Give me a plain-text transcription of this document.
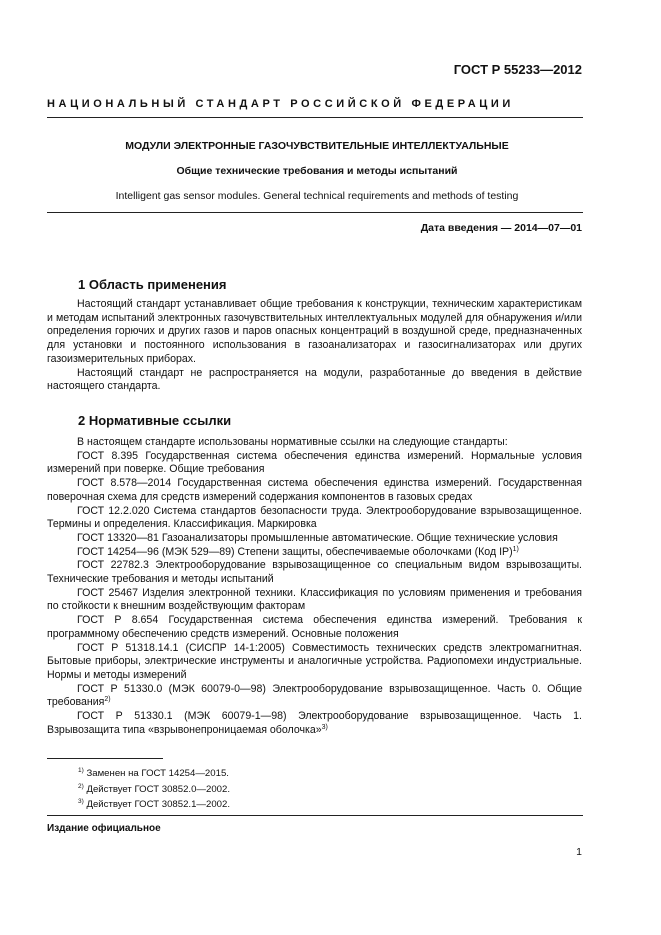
ГОСТ Р 55233—2012
НАЦИОНАЛЬНЫЙ СТАНДАРТ РОССИЙСКОЙ ФЕДЕРАЦИИ
МОДУЛИ ЭЛЕКТРОННЫЕ ГАЗОЧУВСТВИТЕЛЬНЫЕ ИНТЕЛЛЕКТУАЛЬНЫЕ
Общие технические требования и методы испытаний
Intelligent gas sensor modules. General technical requirements and methods of testing
Дата введения — 2014—07—01
1 Область применения

Настоящий стандарт устанавливает общие требования к конструкции, техническим характеристикам и методам испытаний электронных газочувствительных интеллектуальных модулей для обнаружения и/или определения горючих и других газов и паров опасных концентраций в воздушной среде, предназначенных для установки и постоянного использования в газоанализаторах и газосигнализаторах или других газоизмерительных приборах.

Настоящий стандарт не распространяется на модули, разработанные до введения в действие настоящего стандарта.

2 Нормативные ссылки

В настоящем стандарте использованы нормативные ссылки на следующие стандарты:

ГОСТ 8.395 Государственная система обеспечения единства измерений. Нормальные условия измерений при поверке. Общие требования

ГОСТ 8.578—2014 Государственная система обеспечения единства измерений. Государственная поверочная схема для средств измерений содержания компонентов в газовых средах

ГОСТ 12.2.020 Система стандартов безопасности труда. Электрооборудование взрывозащищенное. Термины и определения. Классификация. Маркировка

ГОСТ 13320—81 Газоанализаторы промышленные автоматические. Общие технические условия

ГОСТ 14254—96 (МЭК 529—89) Степени защиты, обеспечиваемые оболочками (Код IP)$^{1)}$

ГОСТ 22782.3 Электрооборудование взрывозащищенное со специальным видом взрывозащиты. Технические требования и методы испытаний

ГОСТ 25467 Изделия электронной техники. Классификация по условиям применения и требования по стойкости к внешним воздействующим факторам

ГОСТ Р 8.654 Государственная система обеспечения единства измерений. Требования к программному обеспечению средств измерений. Основные положения

ГОСТ Р 51318.14.1 (СИСПР 14-1:2005) Совместимость технических средств электромагнитная. Бытовые приборы, электрические инструменты и аналогичные устройства. Радиопомехи индустриальные. Нормы и методы измерений

ГОСТ Р 51330.0 (МЭК 60079-0—98) Электрооборудование взрывозащищенное. Часть 0. Общие требования$^{2)}$

ГОСТ Р 51330.1 (МЭК 60079-1—98) Электрооборудование взрывозащищенное. Часть 1. Взрывозащита типа «взрывонепроницаемая оболочка»$^{3)}$

$^{1)}$ Заменен на ГОСТ 14254—2015.
$^{2)}$ Действует ГОСТ 30852.0—2002.
$^{3)}$ Действует ГОСТ 30852.1—2002.
Издание официальное
1
